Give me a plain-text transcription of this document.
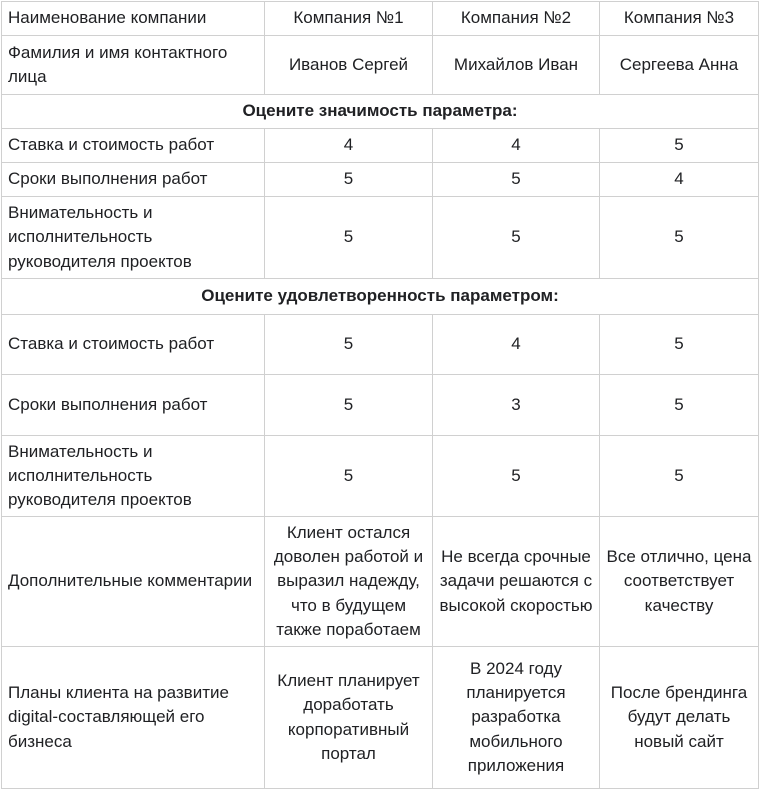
Наименование компании	Компания №1	Компания №2	Компания №3
Фамилия и имя контактного лица	Иванов Сергей	Михайлов Иван	Сергеева Анна
Оцените значимость параметра:			
Ставка и стоимость работ	4	4	5
Сроки выполнения работ	5	5	4
Внимательность и исполнительность руководителя проектов	5	5	5
Оцените удовлетворенность параметром:			
Ставка и стоимость работ	5	4	5
Сроки выполнения работ	5	3	5
Внимательность и исполнительность руководителя проектов	5	5	5
Дополнительные комментарии	Клиент остался доволен работой и выразил надежду, что в будущем также поработаем	Не всегда срочные задачи решаются с высокой скоростью	Все отлично, цена соответствует качеству
Планы клиента на развитие digital-составляющей его бизнеса	Клиент планирует доработать корпоративный портал	В 2024 году планируется разработка мобильного приложения	После брендинга будут делать новый сайт
